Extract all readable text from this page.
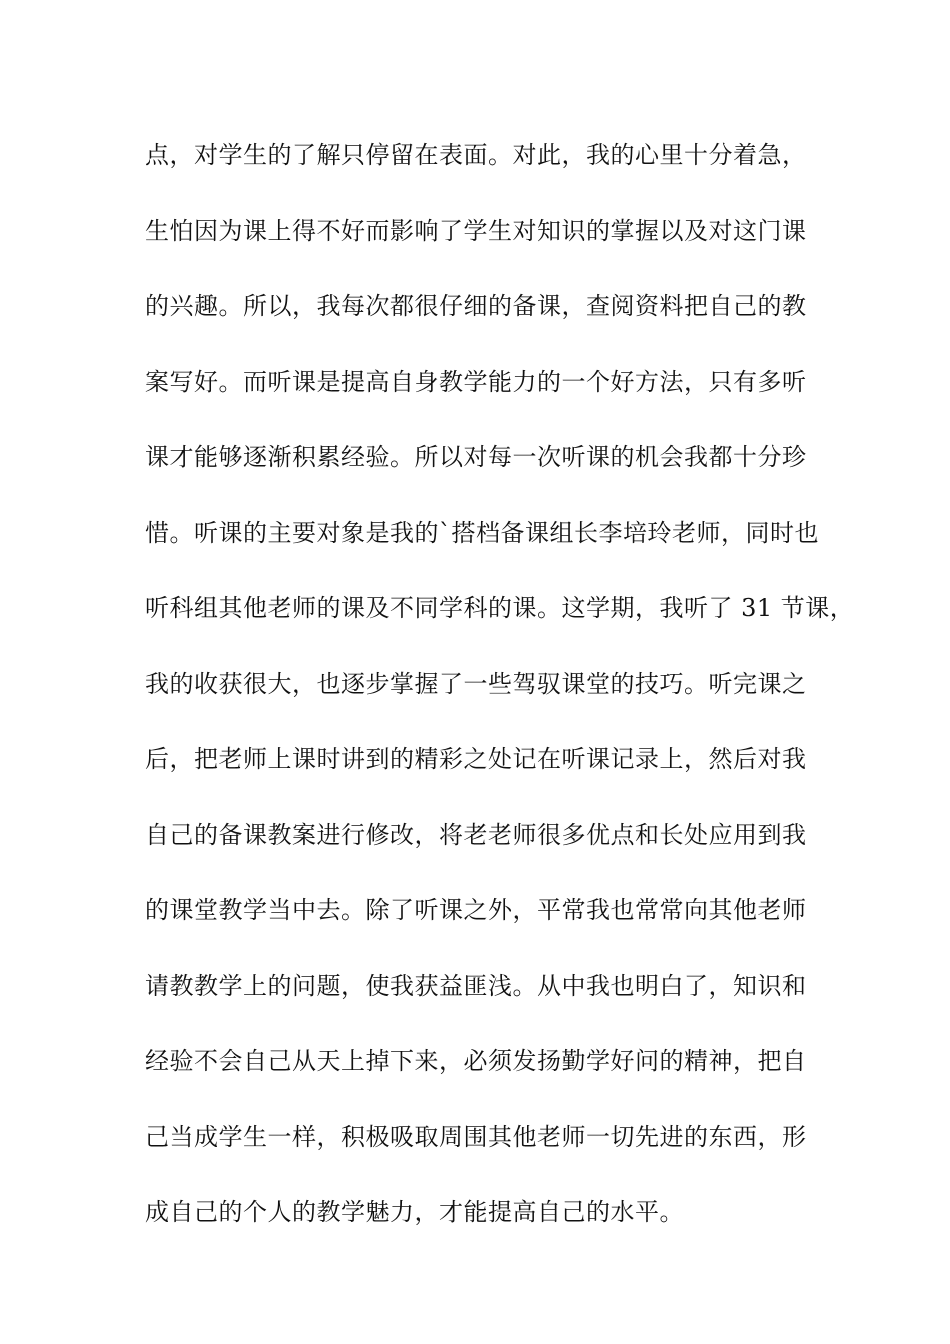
点，对学生的了解只停留在表面。对此，我的心里十分着急，
生怕因为课上得不好而影响了学生对知识的掌握以及对这门课
的兴趣。所以，我每次都很仔细的备课，查阅资料把自己的教
案写好。而听课是提高自身教学能力的一个好方法，只有多听
课才能够逐渐积累经验。所以对每一次听课的机会我都十分珍
惜。听课的主要对象是我的`搭档备课组长李培玲老师，同时也
听科组其他老师的课及不同学科的课。这学期，我听了 31 节课，
我的收获很大，也逐步掌握了一些驾驭课堂的技巧。听完课之
后，把老师上课时讲到的精彩之处记在听课记录上，然后对我
自己的备课教案进行修改，将老老师很多优点和长处应用到我
的课堂教学当中去。除了听课之外，平常我也常常向其他老师
请教教学上的问题，使我获益匪浅。从中我也明白了，知识和
经验不会自己从天上掉下来，必须发扬勤学好问的精神，把自
己当成学生一样，积极吸取周围其他老师一切先进的东西，形
成自己的个人的教学魅力，才能提高自己的水平。
